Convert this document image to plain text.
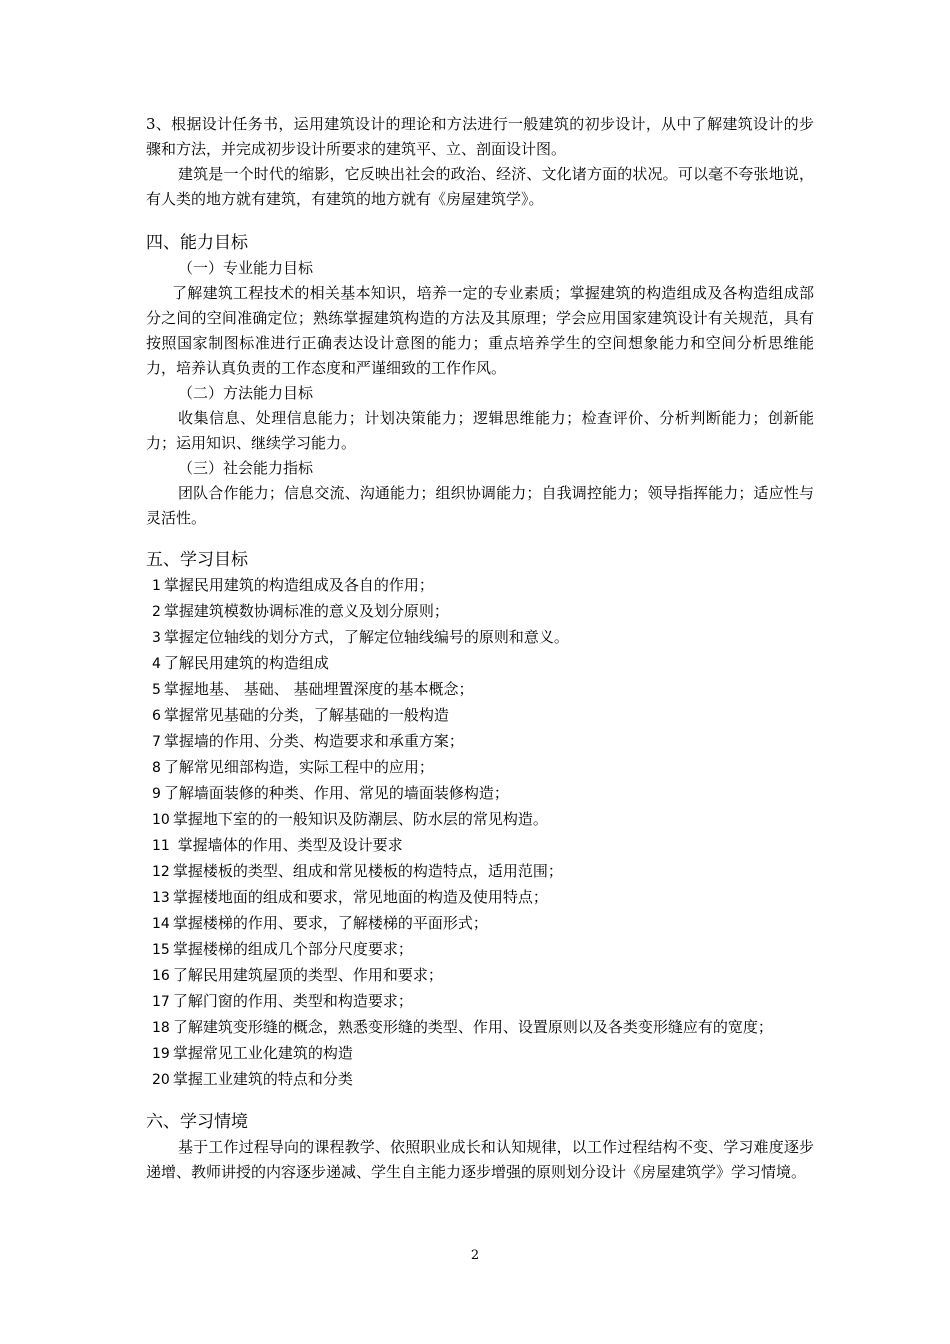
3、根据设计任务书，运用建筑设计的理论和方法进行一般建筑的初步设计，从中了解建筑设计的步骤和方法，并完成初步设计所要求的建筑平、立、剖面设计图。

建筑是一个时代的缩影，它反映出社会的政治、经济、文化诸方面的状况。可以毫不夸张地说，有人类的地方就有建筑，有建筑的地方就有《房屋建筑学》。

四、能力目标
（一）专业能力目标

了解建筑工程技术的相关基本知识，培养一定的专业素质；掌握建筑的构造组成及各构造组成部分之间的空间准确定位；熟练掌握建筑构造的方法及其原理；学会应用国家建筑设计有关规范，具有按照国家制图标准进行正确表达设计意图的能力；重点培养学生的空间想象能力和空间分析思维能力，培养认真负责的工作态度和严谨细致的工作作风。

（二）方法能力目标

收集信息、处理信息能力；计划决策能力；逻辑思维能力；检查评价、分析判断能力；创新能力；运用知识、继续学习能力。

（三）社会能力指标

团队合作能力；信息交流、沟通能力；组织协调能力；自我调控能力；领导指挥能力；适应性与灵活性。

五、学习目标
1 掌握民用建筑的构造组成及各自的作用；
2 掌握建筑模数协调标准的意义及划分原则；
3 掌握定位轴线的划分方式，了解定位轴线编号的原则和意义。
4 了解民用建筑的构造组成
5 掌握地基、 基础、 基础埋置深度的基本概念；
6 掌握常见基础的分类，了解基础的一般构造
7 掌握墙的作用、分类、构造要求和承重方案；
8 了解常见细部构造，实际工程中的应用；
9 了解墙面装修的种类、作用、常见的墙面装修构造；
10 掌握地下室的的一般知识及防潮层、防水层的常见构造。
11 掌握墙体的作用、类型及设计要求
12 掌握楼板的类型、组成和常见楼板的构造特点，适用范围；
13 掌握楼地面的组成和要求，常见地面的构造及使用特点；
14 掌握楼梯的作用、要求，了解楼梯的平面形式；
15 掌握楼梯的组成几个部分尺度要求；
16 了解民用建筑屋顶的类型、作用和要求；
17 了解门窗的作用、类型和构造要求；
18 了解建筑变形缝的概念，熟悉变形缝的类型、作用、设置原则以及各类变形缝应有的宽度；
19 掌握常见工业化建筑的构造
20 掌握工业建筑的特点和分类
六、学习情境

基于工作过程导向的课程教学、依照职业成长和认知规律，以工作过程结构不变、学习难度逐步递增、教师讲授的内容逐步递减、学生自主能力逐步增强的原则划分设计《房屋建筑学》学习情境。

2
